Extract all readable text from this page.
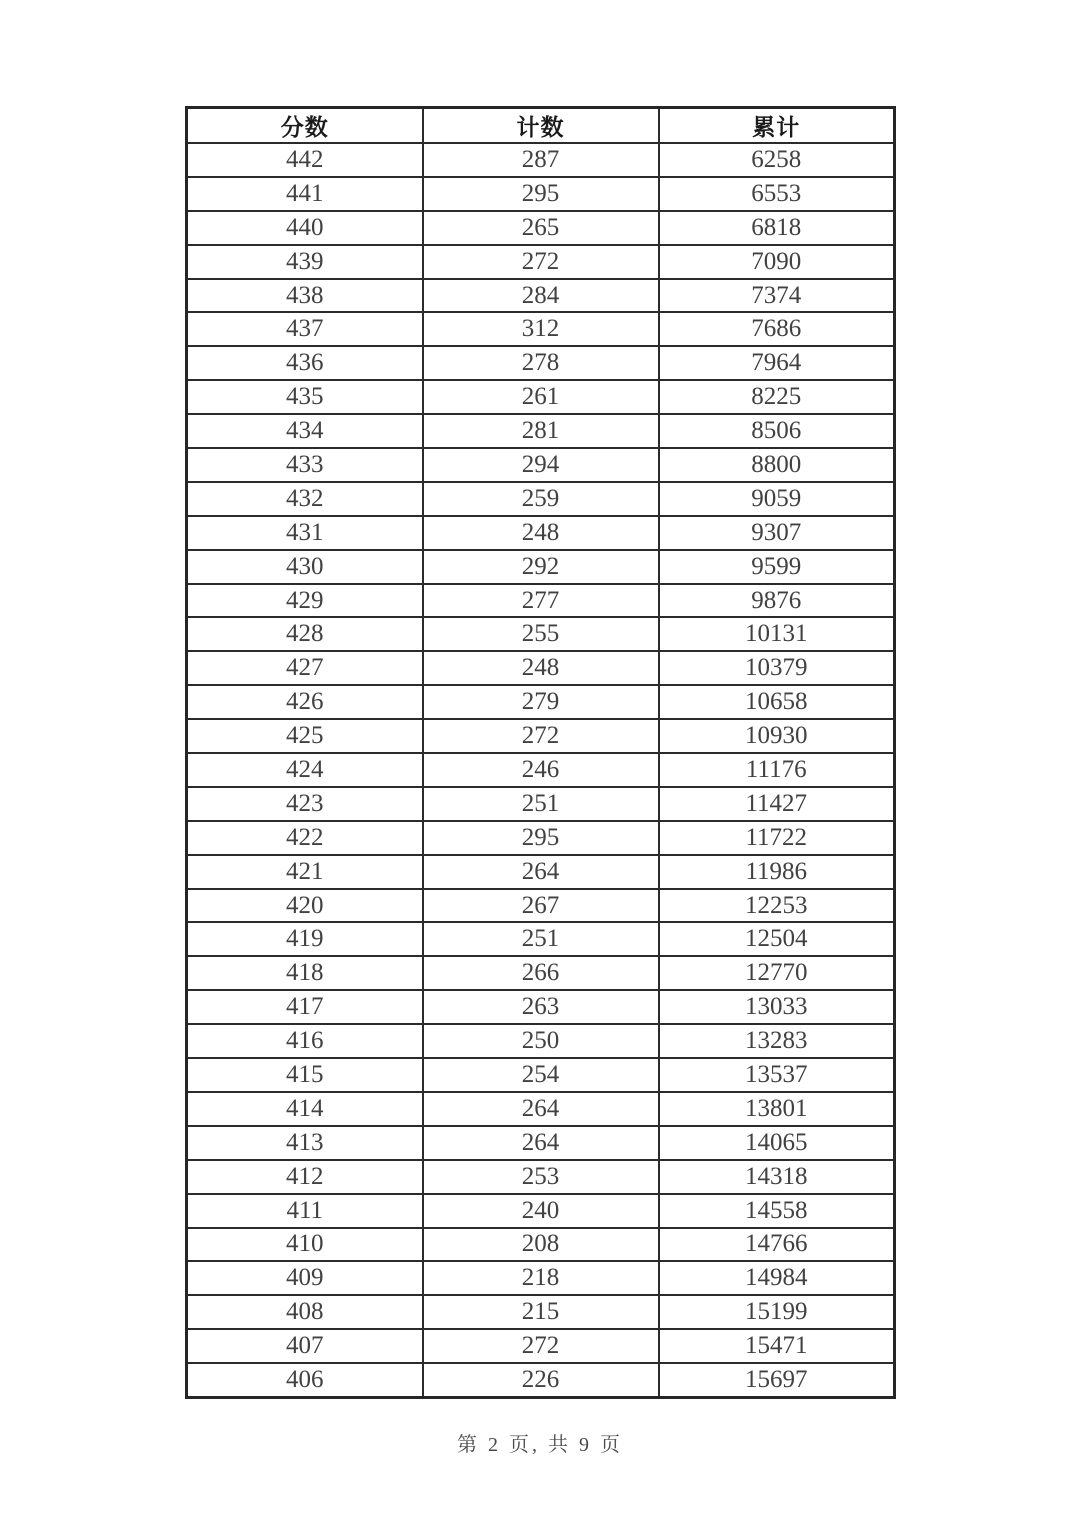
分数	计数	累计
442	287	6258
441	295	6553
440	265	6818
439	272	7090
438	284	7374
437	312	7686
436	278	7964
435	261	8225
434	281	8506
433	294	8800
432	259	9059
431	248	9307
430	292	9599
429	277	9876
428	255	10131
427	248	10379
426	279	10658
425	272	10930
424	246	11176
423	251	11427
422	295	11722
421	264	11986
420	267	12253
419	251	12504
418	266	12770
417	263	13033
416	250	13283
415	254	13537
414	264	13801
413	264	14065
412	253	14318
411	240	14558
410	208	14766
409	218	14984
408	215	15199
407	272	15471
406	226	15697
第 2 页, 共 9 页
